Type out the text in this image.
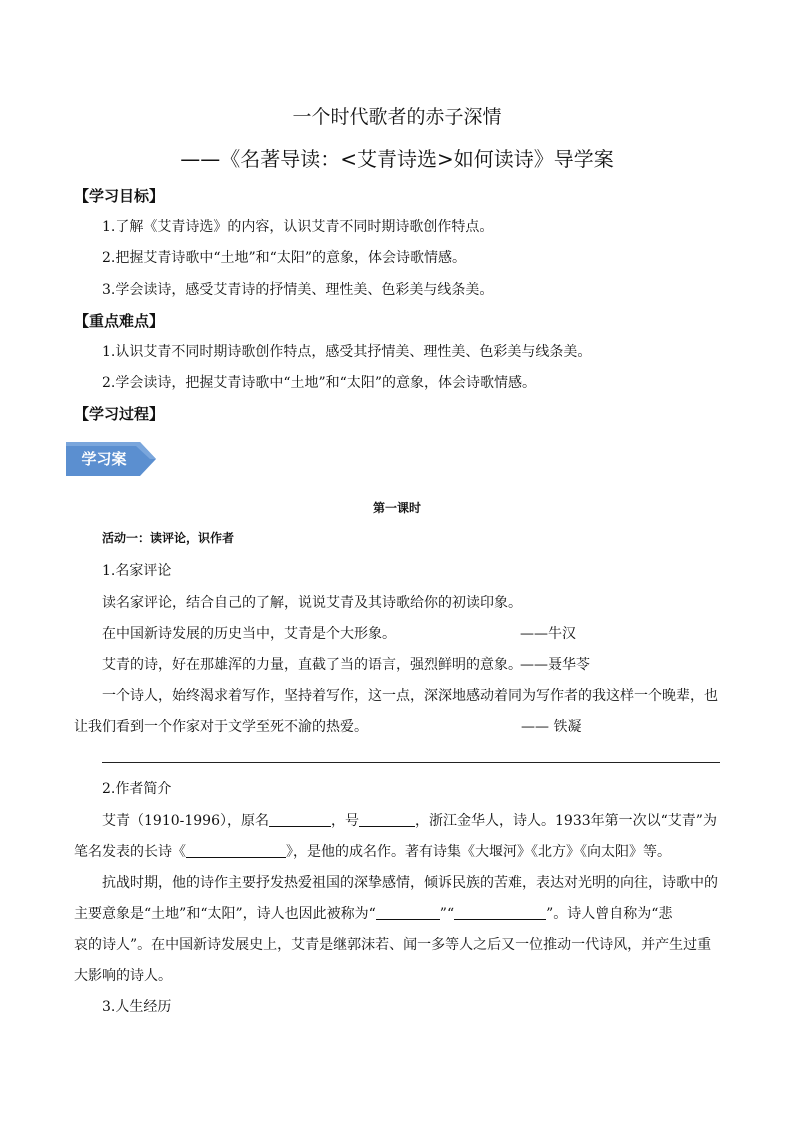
一个时代歌者的赤子深情
——《名著导读：<艾青诗选>如何读诗》导学案
【学习目标】
1.了解《艾青诗选》的内容，认识艾青不同时期诗歌创作特点。
2.把握艾青诗歌中“土地”和“太阳”的意象，体会诗歌情感。
3.学会读诗，感受艾青诗的抒情美、理性美、色彩美与线条美。
【重点难点】
1.认识艾青不同时期诗歌创作特点，感受其抒情美、理性美、色彩美与线条美。
2.学会读诗，把握艾青诗歌中“土地”和“太阳”的意象，体会诗歌情感。
【学习过程】
学习案
第一课时
活动一：读评论，识作者
1.名家评论
读名家评论，结合自己的了解，说说艾青及其诗歌给你的初读印象。
在中国新诗发展的历史当中，艾青是个大形象。	——牛汉
艾青的诗，好在那雄浑的力量，直截了当的语言，强烈鲜明的意象。
——聂华苓
一个诗人，始终渴求着写作，坚持着写作，这一点，深深地感动着同为写作者的我这样一个晚辈，也
让我们看到一个作家对于文学至死不渝的热爱。	—— 铁凝
2.作者简介
艾青（1910-1996），原名	，号	，浙江金华人，诗人。1933年第一次以“艾青”为
笔名发表的长诗《	》，是他的成名作。著有诗集《大堰河》《北方》《向太阳》等。
抗战时期，他的诗作主要抒发热爱祖国的深挚感情，倾诉民族的苦难，表达对光明的向往，诗歌中的
主要意象是“土地”和“太阳”，诗人也因此被称为“	”“	”。诗人曾自称为“悲
哀的诗人”。在中国新诗发展史上，艾青是继郭沫若、闻一多等人之后又一位推动一代诗风，并产生过重
大影响的诗人。
3.人生经历
